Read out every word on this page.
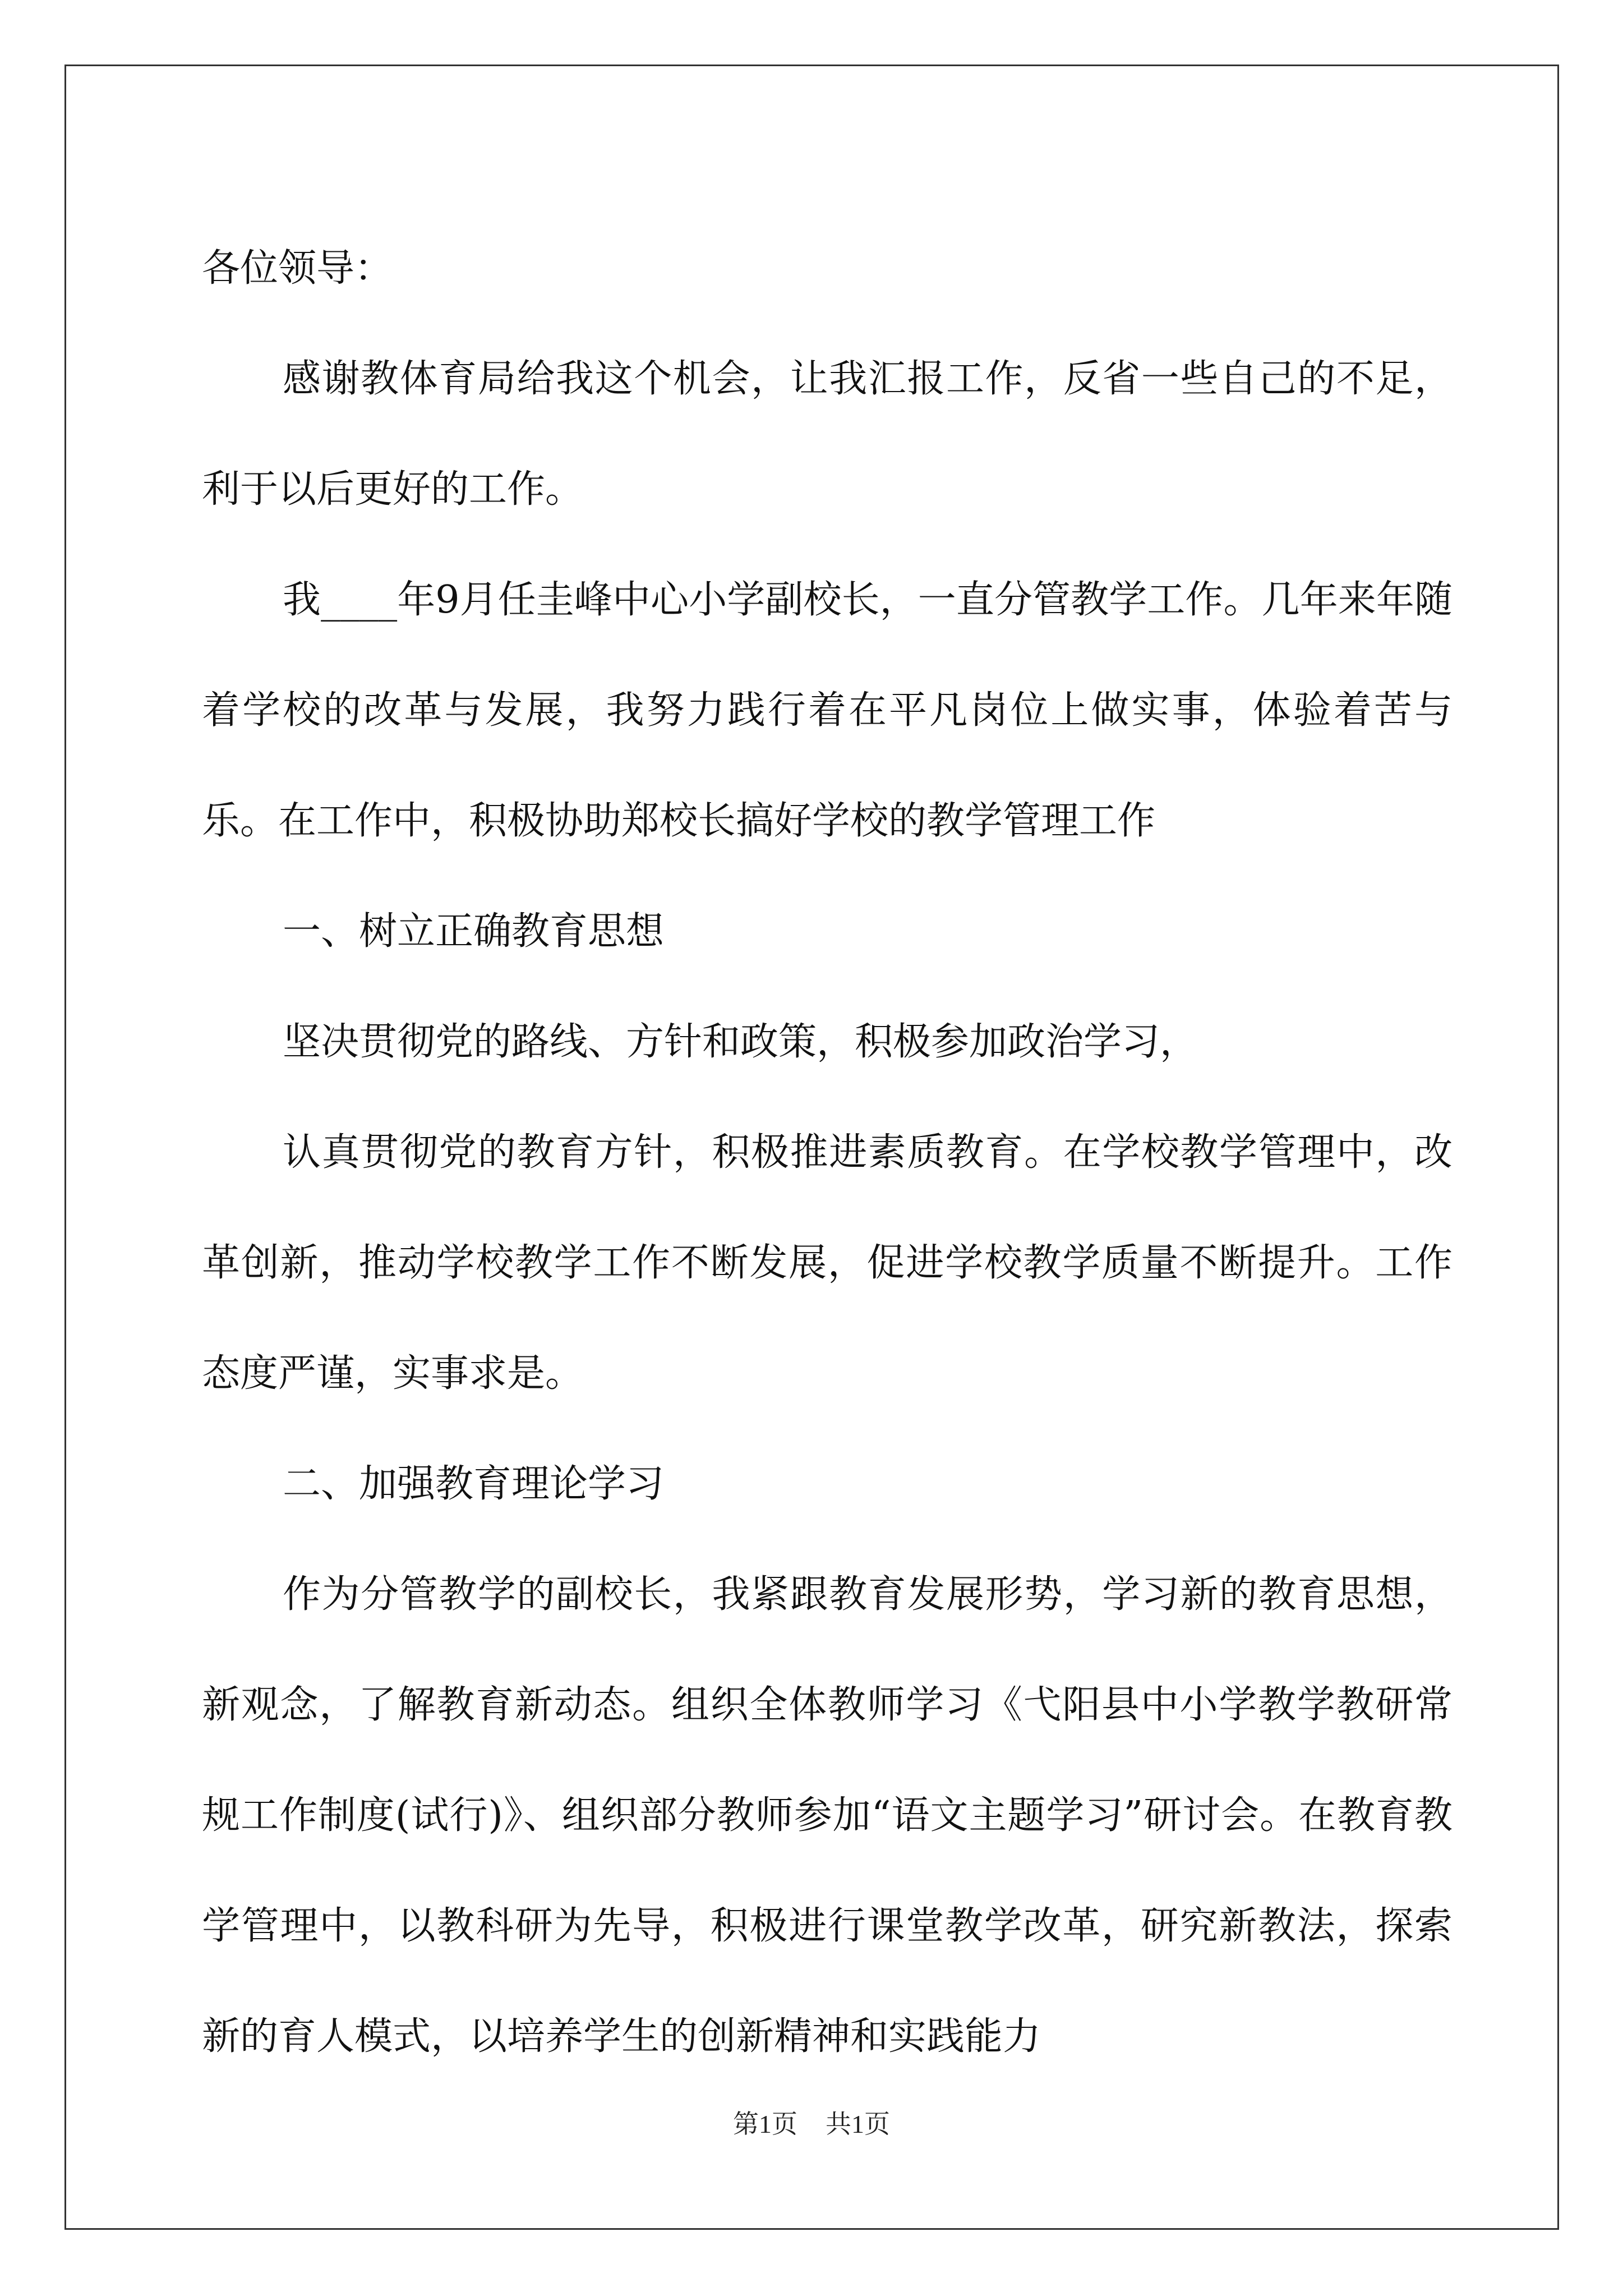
各位领导：

感谢教体育局给我这个机会，让我汇报工作，反省一些自己的不足，利于以后更好的工作。

我____年9月任圭峰中心小学副校长，一直分管教学工作。几年来年随着学校的改革与发展，我努力践行着在平凡岗位上做实事，体验着苦与乐。在工作中，积极协助郑校长搞好学校的教学管理工作

一、树立正确教育思想

坚决贯彻党的路线、方针和政策，积极参加政治学习，

认真贯彻党的教育方针，积极推进素质教育。在学校教学管理中，改革创新，推动学校教学工作不断发展，促进学校教学质量不断提升。工作态度严谨，实事求是。

二、加强教育理论学习

作为分管教学的副校长，我紧跟教育发展形势，学习新的教育思想，新观念，了解教育新动态。组织全体教师学习《弋阳县中小学教学教研常规工作制度(试行)》、组织部分教师参加“语文主题学习”研讨会。在教育教学管理中，以教科研为先导，积极进行课堂教学改革，研究新教法，探索新的育人模式，以培养学生的创新精神和实践能力

第1页 共1页
